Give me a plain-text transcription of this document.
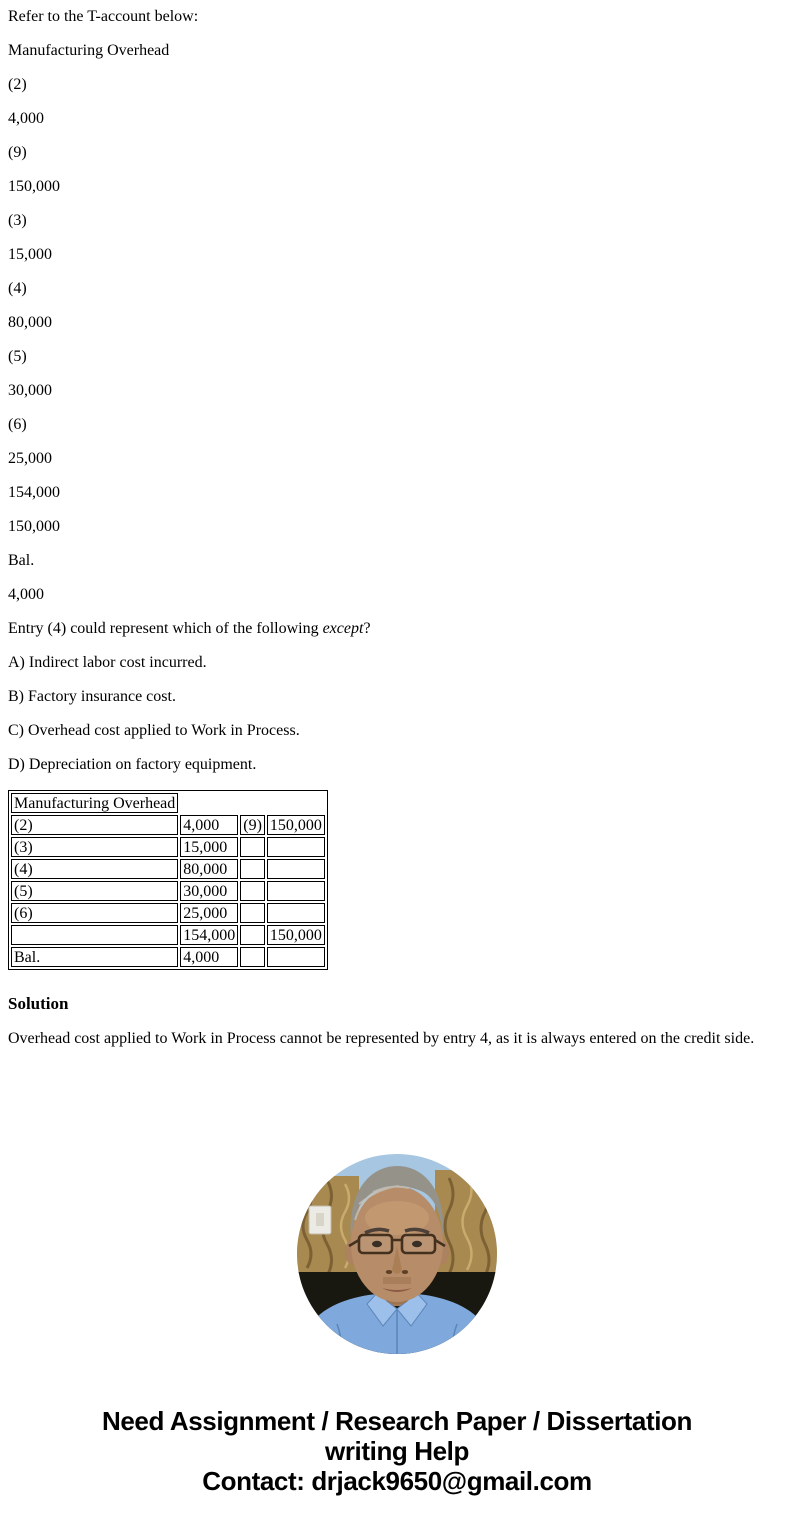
Refer to the T-account below:

Manufacturing Overhead

(2)

4,000

(9)

150,000

(3)

15,000

(4)

80,000

(5)

30,000

(6)

25,000

154,000

150,000

Bal.

4,000

Entry (4) could represent which of the following except?

A) Indirect labor cost incurred.

B) Factory insurance cost.

C) Overhead cost applied to Work in Process.

D) Depreciation on factory equipment.

Manufacturing Overhead			
(2)	4,000	(9)	150,000
(3)	15,000		
(4)	80,000		
(5)	30,000		
(6)	25,000		
	154,000		150,000
Bal.	4,000		
Solution

Overhead cost applied to Work in Process cannot be represented by entry 4, as it is always entered on the credit side.

Need Assignment / Research Paper / Dissertation
writing Help
Contact: drjack9650@gmail.com
